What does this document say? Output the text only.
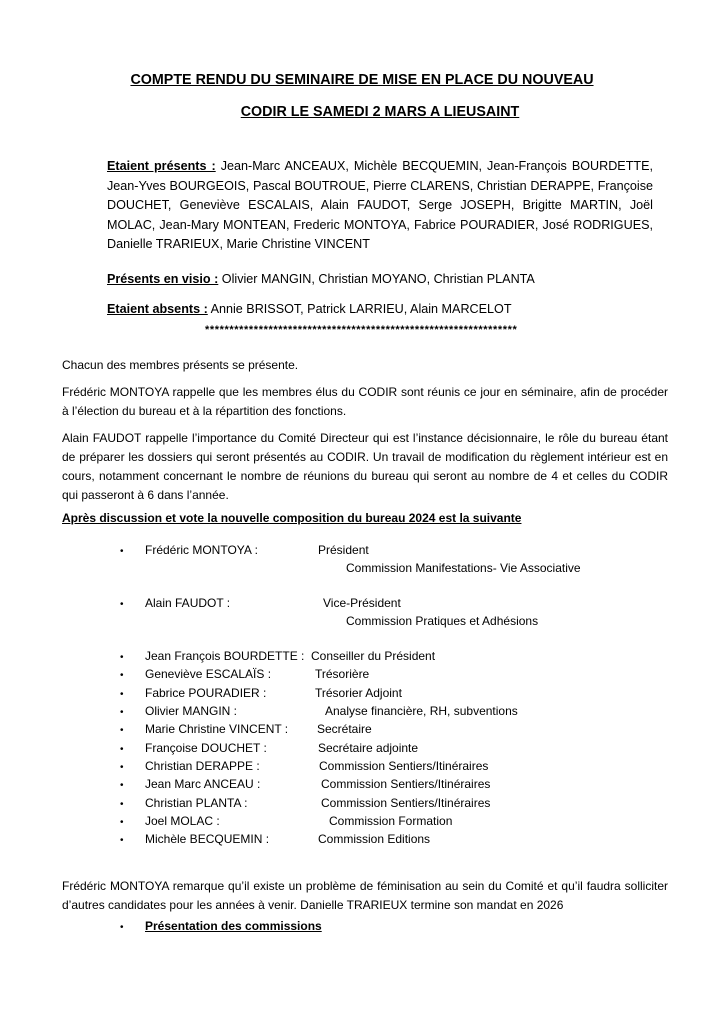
COMPTE RENDU DU SEMINAIRE DE MISE EN PLACE DU NOUVEAU
CODIR LE SAMEDI 2 MARS A LIEUSAINT
Etaient présents : Jean-Marc ANCEAUX, Michèle BECQUEMIN, Jean-François BOURDETTE, Jean-Yves BOURGEOIS, Pascal BOUTROUE, Pierre CLARENS, Christian DERAPPE, Françoise DOUCHET, Geneviève ESCALAIS, Alain FAUDOT, Serge JOSEPH, Brigitte MARTIN, Joël MOLAC, Jean-Mary MONTEAN, Frederic MONTOYA, Fabrice POURADIER, José RODRIGUES, Danielle TRARIEUX, Marie Christine VINCENT
Présents en visio : Olivier MANGIN, Christian MOYANO, Christian PLANTA
Etaient absents : Annie BRISSOT, Patrick LARRIEU, Alain MARCELOT
****************************************************************
Chacun des membres présents se présente.
Frédéric MONTOYA rappelle que les membres élus du CODIR sont réunis ce jour en séminaire, afin de procéder à l’élection du bureau et à la répartition des fonctions.
Alain FAUDOT rappelle l’importance du Comité Directeur qui est l’instance décisionnaire, le rôle du bureau étant de préparer les dossiers qui seront présentés au CODIR. Un travail de modification du règlement intérieur est en cours, notamment concernant le nombre de réunions du bureau qui seront au nombre de 4 et celles du CODIR qui passeront à 6 dans l’année.
Après discussion et vote la nouvelle composition du bureau 2024 est la suivante
• Frédéric MONTOYA :	Président
Commission Manifestations- Vie Associative
• Alain FAUDOT :	Vice-Président
Commission Pratiques et Adhésions
• Jean François BOURDETTE : Conseiller du Président
• Geneviève ESCALAÏS :	Trésorière
• Fabrice POURADIER :	Trésorier Adjoint
• Olivier MANGIN :	Analyse financière, RH, subventions
• Marie Christine VINCENT : Secrétaire
• Françoise DOUCHET :	Secrétaire adjointe
• Christian DERAPPE :	Commission Sentiers/Itinéraires
• Jean Marc ANCEAU :	Commission Sentiers/Itinéraires
• Christian PLANTA :	Commission Sentiers/Itinéraires
• Joel MOLAC :	Commission Formation
• Michèle BECQUEMIN :	Commission Editions
Frédéric MONTOYA remarque qu’il existe un problème de féminisation au sein du Comité et qu’il faudra solliciter d’autres candidates pour les années à venir. Danielle TRARIEUX termine son mandat en 2026
• Présentation des commissions
